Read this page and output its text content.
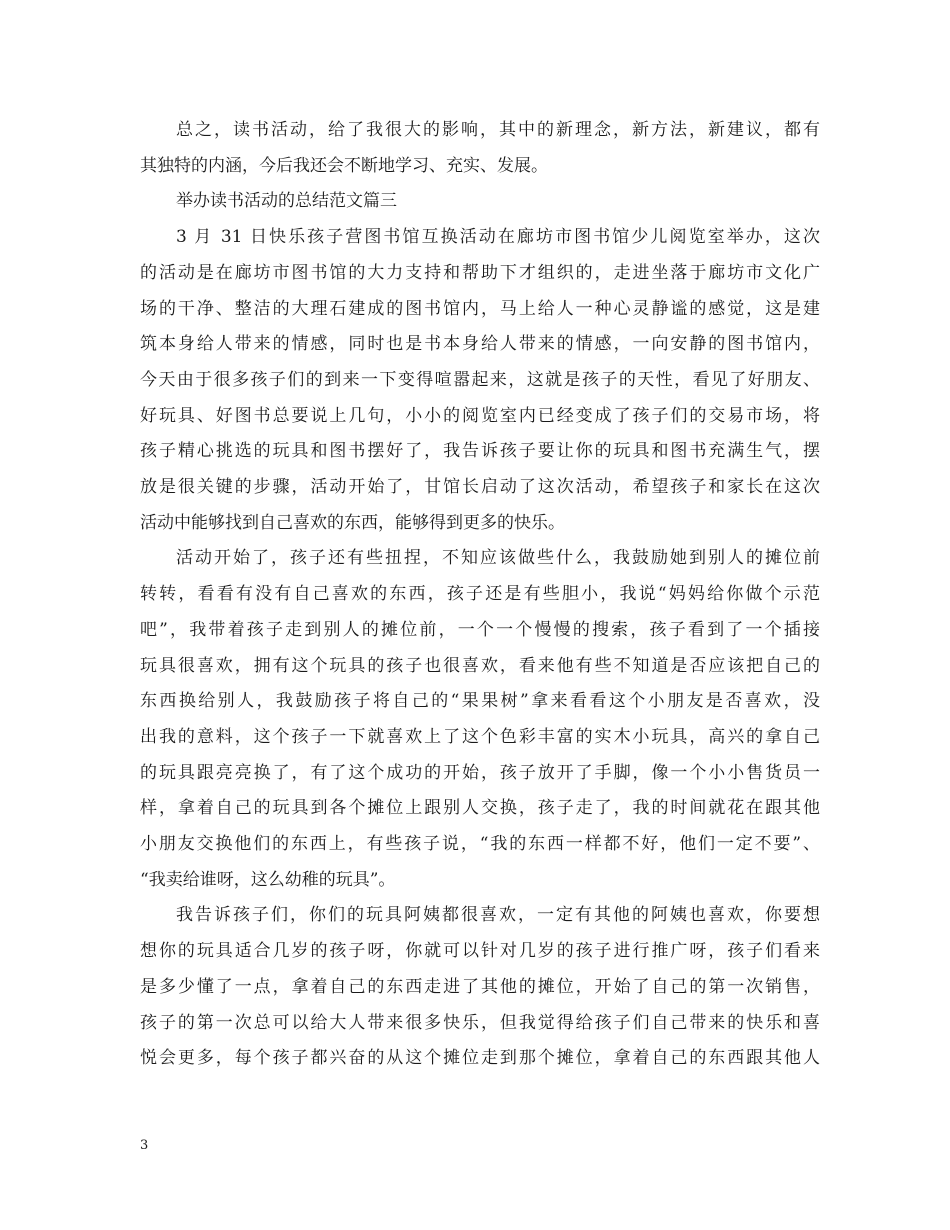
总之，读书活动，给了我很大的影响，其中的新理念，新方法，新建议，都有
其独特的内涵，今后我还会不断地学习、充实、发展。
举办读书活动的总结范文篇三
3 月 31 日快乐孩子营图书馆互换活动在廊坊市图书馆少儿阅览室举办，这次
的活动是在廊坊市图书馆的大力支持和帮助下才组织的，走进坐落于廊坊市文化广
场的干净、整洁的大理石建成的图书馆内，马上给人一种心灵静谧的感觉，这是建
筑本身给人带来的情感，同时也是书本身给人带来的情感，一向安静的图书馆内，
今天由于很多孩子们的到来一下变得喧嚣起来，这就是孩子的天性，看见了好朋友、
好玩具、好图书总要说上几句，小小的阅览室内已经变成了孩子们的交易市场，将
孩子精心挑选的玩具和图书摆好了，我告诉孩子要让你的玩具和图书充满生气，摆
放是很关键的步骤，活动开始了，甘馆长启动了这次活动，希望孩子和家长在这次
活动中能够找到自己喜欢的东西，能够得到更多的快乐。
活动开始了，孩子还有些扭捏，不知应该做些什么，我鼓励她到别人的摊位前
转转，看看有没有自己喜欢的东西，孩子还是有些胆小，我说“妈妈给你做个示范
吧”，我带着孩子走到别人的摊位前，一个一个慢慢的搜索，孩子看到了一个插接
玩具很喜欢，拥有这个玩具的孩子也很喜欢，看来他有些不知道是否应该把自己的
东西换给别人，我鼓励孩子将自己的“果果树”拿来看看这个小朋友是否喜欢，没
出我的意料，这个孩子一下就喜欢上了这个色彩丰富的实木小玩具，高兴的拿自己
的玩具跟亮亮换了，有了这个成功的开始，孩子放开了手脚，像一个小小售货员一
样，拿着自己的玩具到各个摊位上跟别人交换，孩子走了，我的时间就花在跟其他
小朋友交换他们的东西上，有些孩子说，“我的东西一样都不好，他们一定不要”、
“我卖给谁呀，这么幼稚的玩具”。
我告诉孩子们，你们的玩具阿姨都很喜欢，一定有其他的阿姨也喜欢，你要想
想你的玩具适合几岁的孩子呀，你就可以针对几岁的孩子进行推广呀，孩子们看来
是多少懂了一点，拿着自己的东西走进了其他的摊位，开始了自己的第一次销售，
孩子的第一次总可以给大人带来很多快乐，但我觉得给孩子们自己带来的快乐和喜
悦会更多，每个孩子都兴奋的从这个摊位走到那个摊位，拿着自己的东西跟其他人
3
